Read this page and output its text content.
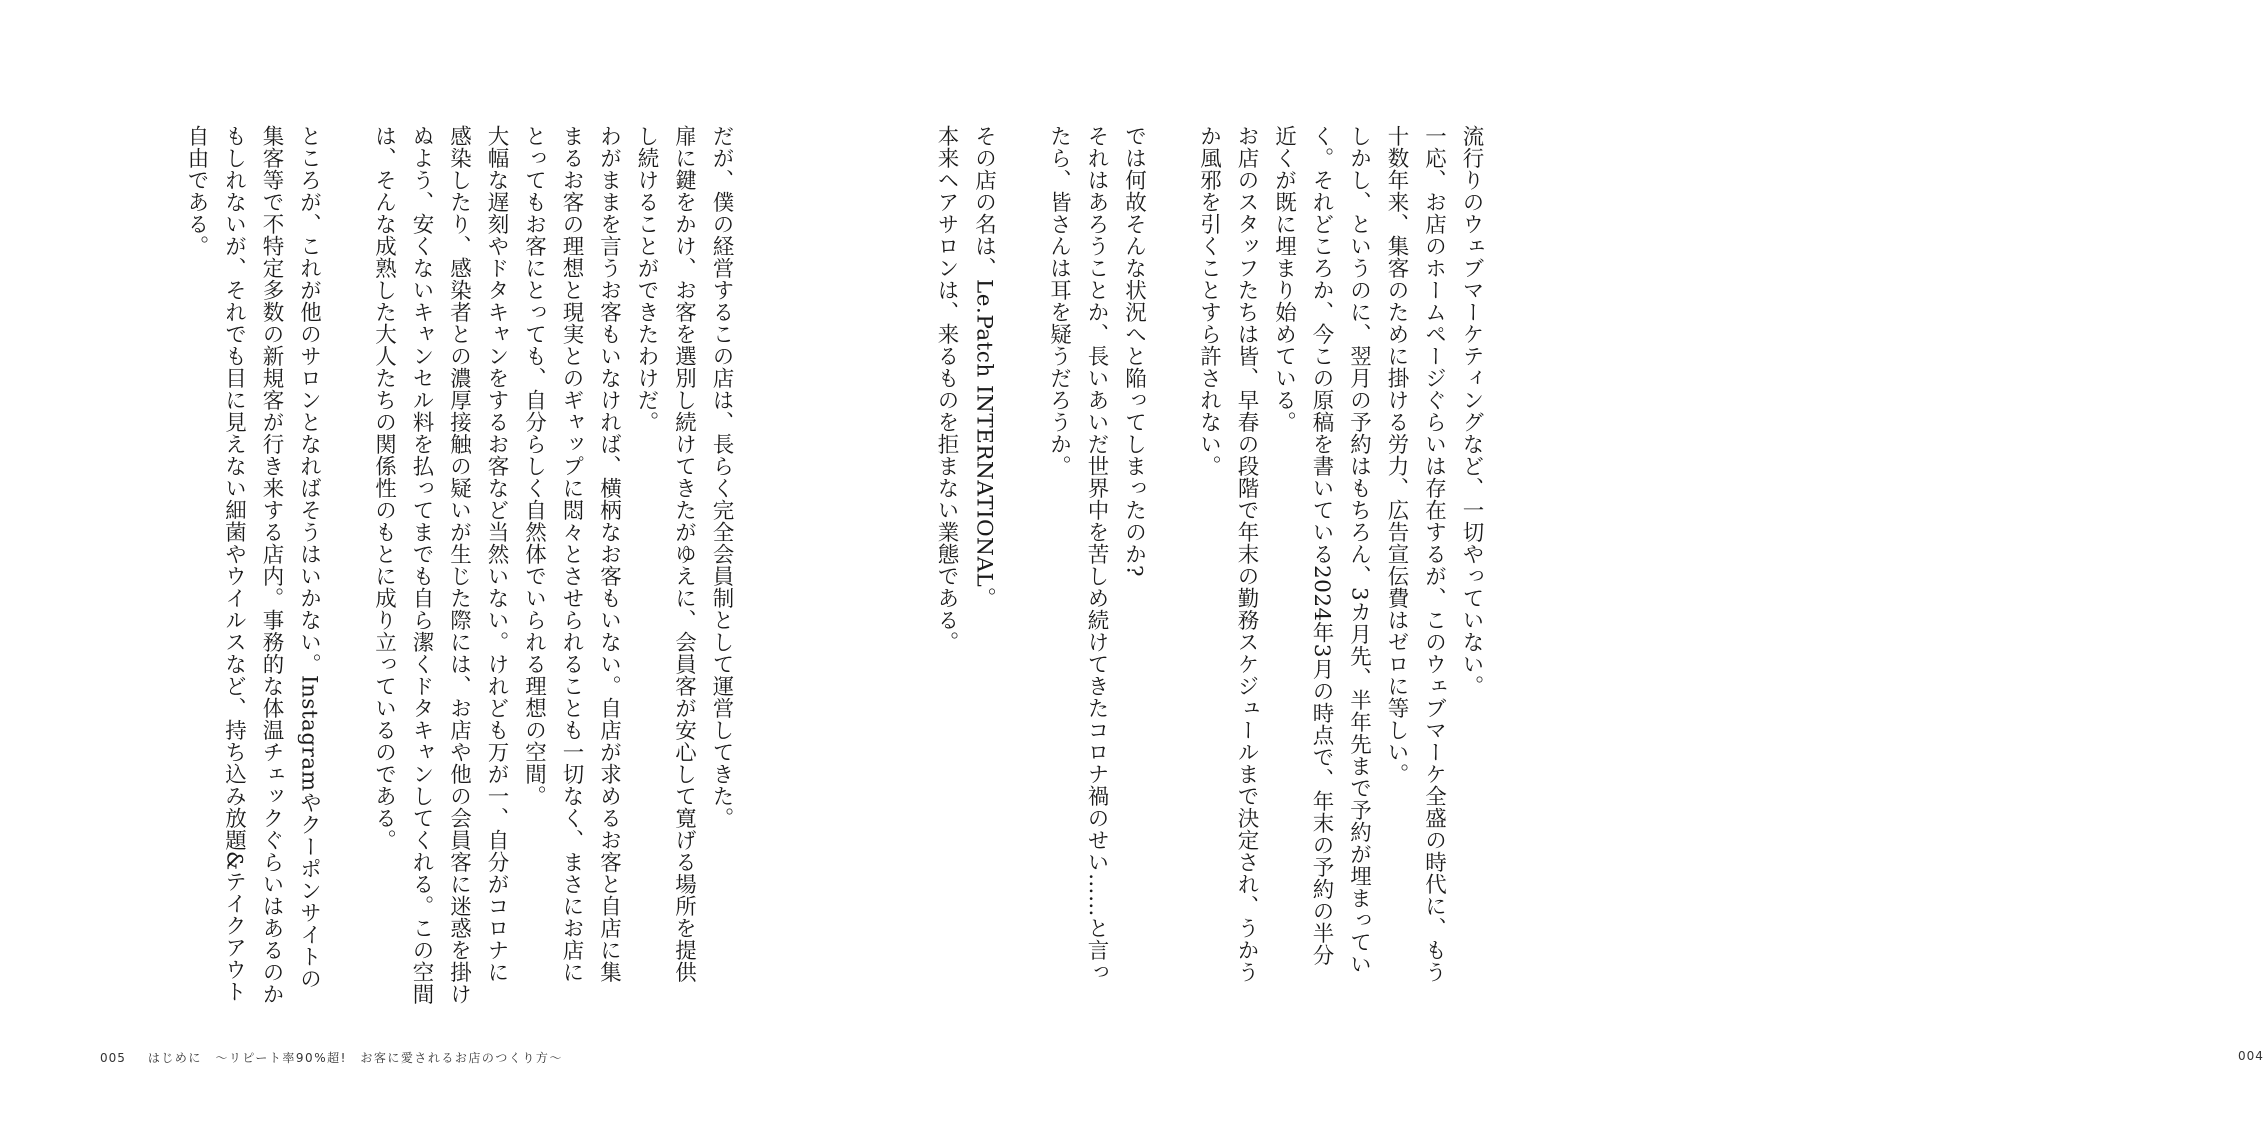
だが、僕の経営するこの店は、長らく完全会員制として運営してきた。
扉に鍵をかけ、お客を選別し続けてきたがゆえに、会員客が安心して寛げる場所を提供
し続けることができたわけだ。
わがままを言うお客もいなければ、横柄なお客もいない。自店が求めるお客と自店に集
まるお客の理想と現実とのギャップに悶々とさせられることも一切なく、まさにお店に
とってもお客にとっても、自分らしく自然体でいられる理想の空間。
大幅な遅刻やドタキャンをするお客など当然いない。けれども万が一、自分がコロナに
感染したり、感染者との濃厚接触の疑いが生じた際には、お店や他の会員客に迷惑を掛け
ぬよう、安くないキャンセル料を払ってまでも自ら潔くドタキャンしてくれる。この空間
は、そんな成熟した大人たちの関係性のもとに成り立っているのである。
ところが、これが他のサロンとなればそうはいかない。Instagramやクーポンサイトの
集客等で不特定多数の新規客が行き来する店内。事務的な体温チェックぐらいはあるのか
もしれないが、それでも目に見えない細菌やウイルスなど、持ち込み放題&テイクアウト
自由である。
005 はじめに　〜リピート率90%超!　お客に愛されるお店のつくり方〜
流行りのウェブマーケティングなど、一切やっていない。
一応、お店のホームページぐらいは存在するが、このウェブマーケ全盛の時代に、もう
十数年来、集客のために掛ける労力、広告宣伝費はゼロに等しい。
しかし、というのに、翌月の予約はもちろん、3カ月先、半年先まで予約が埋まってい
く。それどころか、今この原稿を書いている2024年3月の時点で、年末の予約の半分
近くが既に埋まり始めている。
お店のスタッフたちは皆、早春の段階で年末の勤務スケジュールまで決定され、うかう
か風邪を引くことすら許されない。
では何故そんな状況へと陥ってしまったのか?
それはあろうことか、長いあいだ世界中を苦しめ続けてきたコロナ禍のせい……と言っ
たら、皆さんは耳を疑うだろうか。
その店の名は、Le.Patch INTERNATIONAL。
本来ヘアサロンは、来るものを拒まない業態である。
004
